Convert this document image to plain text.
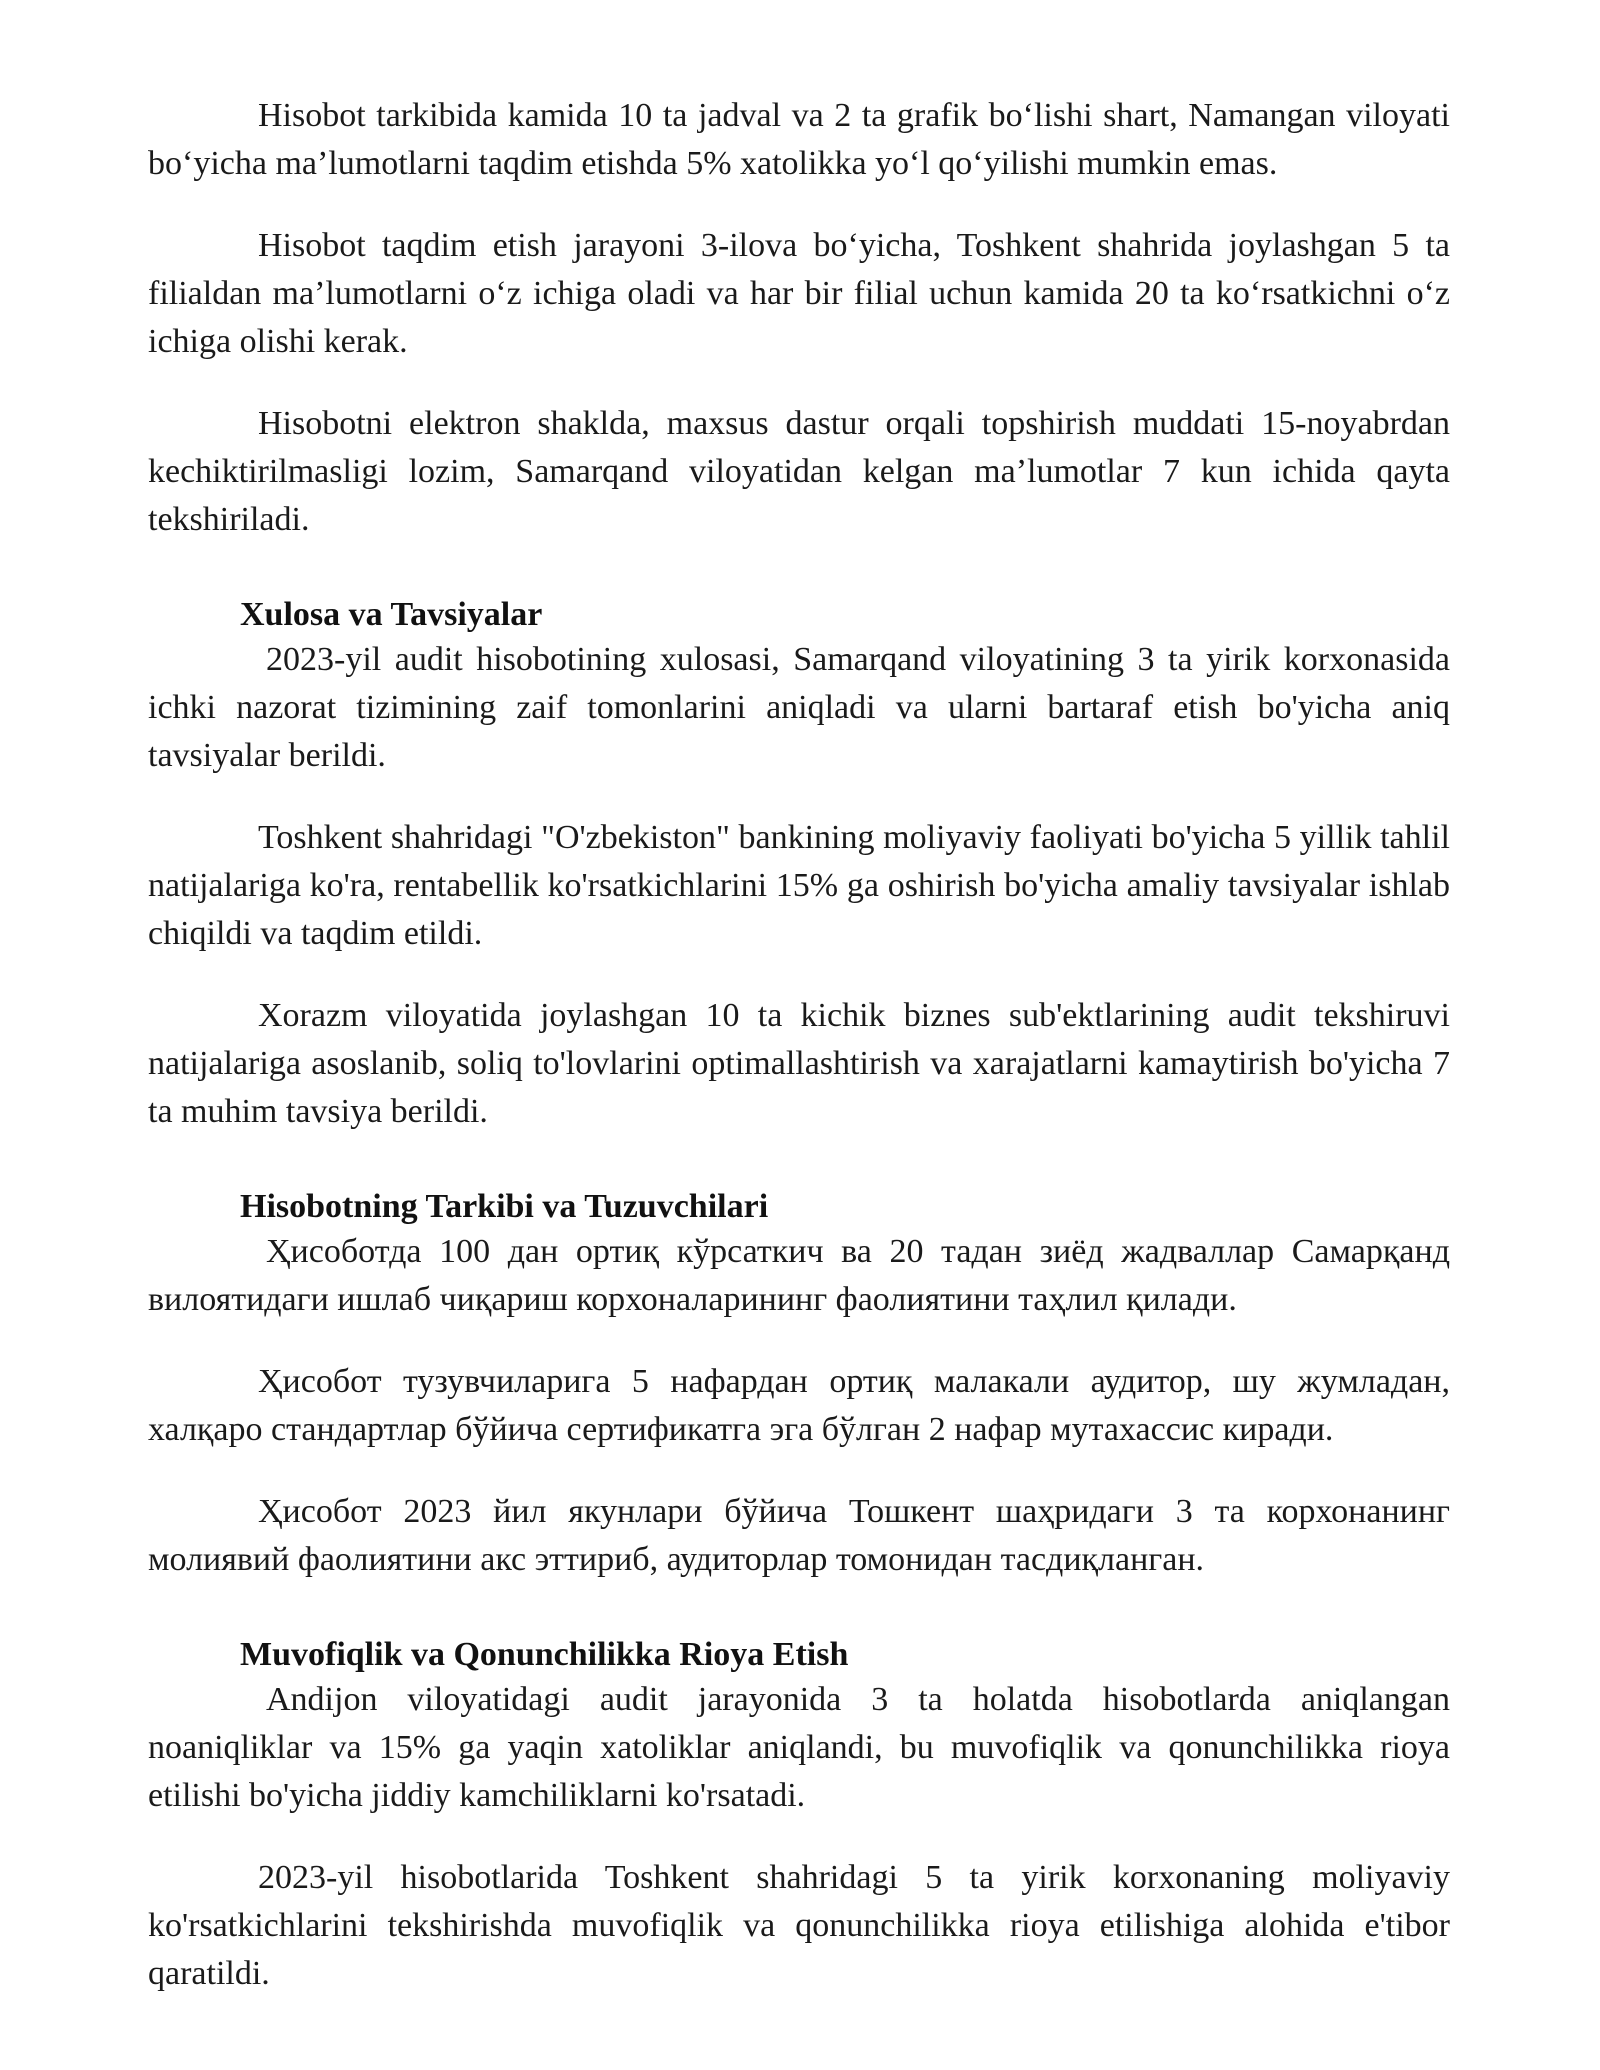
Hisobot tarkibida kamida 10 ta jadval va 2 ta grafik bo‘lishi shart, Namangan viloyati bo‘yicha ma’lumotlarni taqdim etishda 5% xatolikka yo‘l qo‘yilishi mumkin emas.

Hisobot taqdim etish jarayoni 3-ilova bo‘yicha, Toshkent shahrida joylashgan 5 ta filialdan ma’lumotlarni o‘z ichiga oladi va har bir filial uchun kamida 20 ta ko‘rsatkichni o‘z ichiga olishi kerak.

Hisobotni elektron shaklda, maxsus dastur orqali topshirish muddati 15-noyabrdan kechiktirilmasligi lozim, Samarqand viloyatidan kelgan ma’lumotlar 7 kun ichida qayta tekshiriladi.

Xulosa va Tavsiyalar

2023-yil audit hisobotining xulosasi, Samarqand viloyatining 3 ta yirik korxonasida ichki nazorat tizimining zaif tomonlarini aniqladi va ularni bartaraf etish bo'yicha aniq tavsiyalar berildi.

Toshkent shahridagi "O'zbekiston" bankining moliyaviy faoliyati bo'yicha 5 yillik tahlil natijalariga ko'ra, rentabellik ko'rsatkichlarini 15% ga oshirish bo'yicha amaliy tavsiyalar ishlab chiqildi va taqdim etildi.

Xorazm viloyatida joylashgan 10 ta kichik biznes sub'ektlarining audit tekshiruvi natijalariga asoslanib, soliq to'lovlarini optimallashtirish va xarajatlarni kamaytirish bo'yicha 7 ta muhim tavsiya berildi.

Hisobotning Tarkibi va Tuzuvchilari

Ҳисоботда 100 дан ортиқ кўрсаткич ва 20 тадан зиёд жадваллар Самарқанд вилоятидаги ишлаб чиқариш корхоналарининг фаолиятини таҳлил қилади.

Ҳисобот тузувчиларига 5 нафардан ортиқ малакали аудитор, шу жумладан, халқаро стандартлар бўйича сертификатга эга бўлган 2 нафар мутахассис киради.

Ҳисобот 2023 йил якунлари бўйича Тошкент шаҳридаги 3 та корхонанинг молиявий фаолиятини акс эттириб, аудиторлар томонидан тасдиқланган.

Muvofiqlik va Qonunchilikka Rioya Etish

Andijon viloyatidagi audit jarayonida 3 ta holatda hisobotlarda aniqlangan noaniqliklar va 15% ga yaqin xatoliklar aniqlandi, bu muvofiqlik va qonunchilikka rioya etilishi bo'yicha jiddiy kamchiliklarni ko'rsatadi.

2023-yil hisobotlarida Toshkent shahridagi 5 ta yirik korxonaning moliyaviy ko'rsatkichlarini tekshirishda muvofiqlik va qonunchilikka rioya etilishiga alohida e'tibor qaratildi.
